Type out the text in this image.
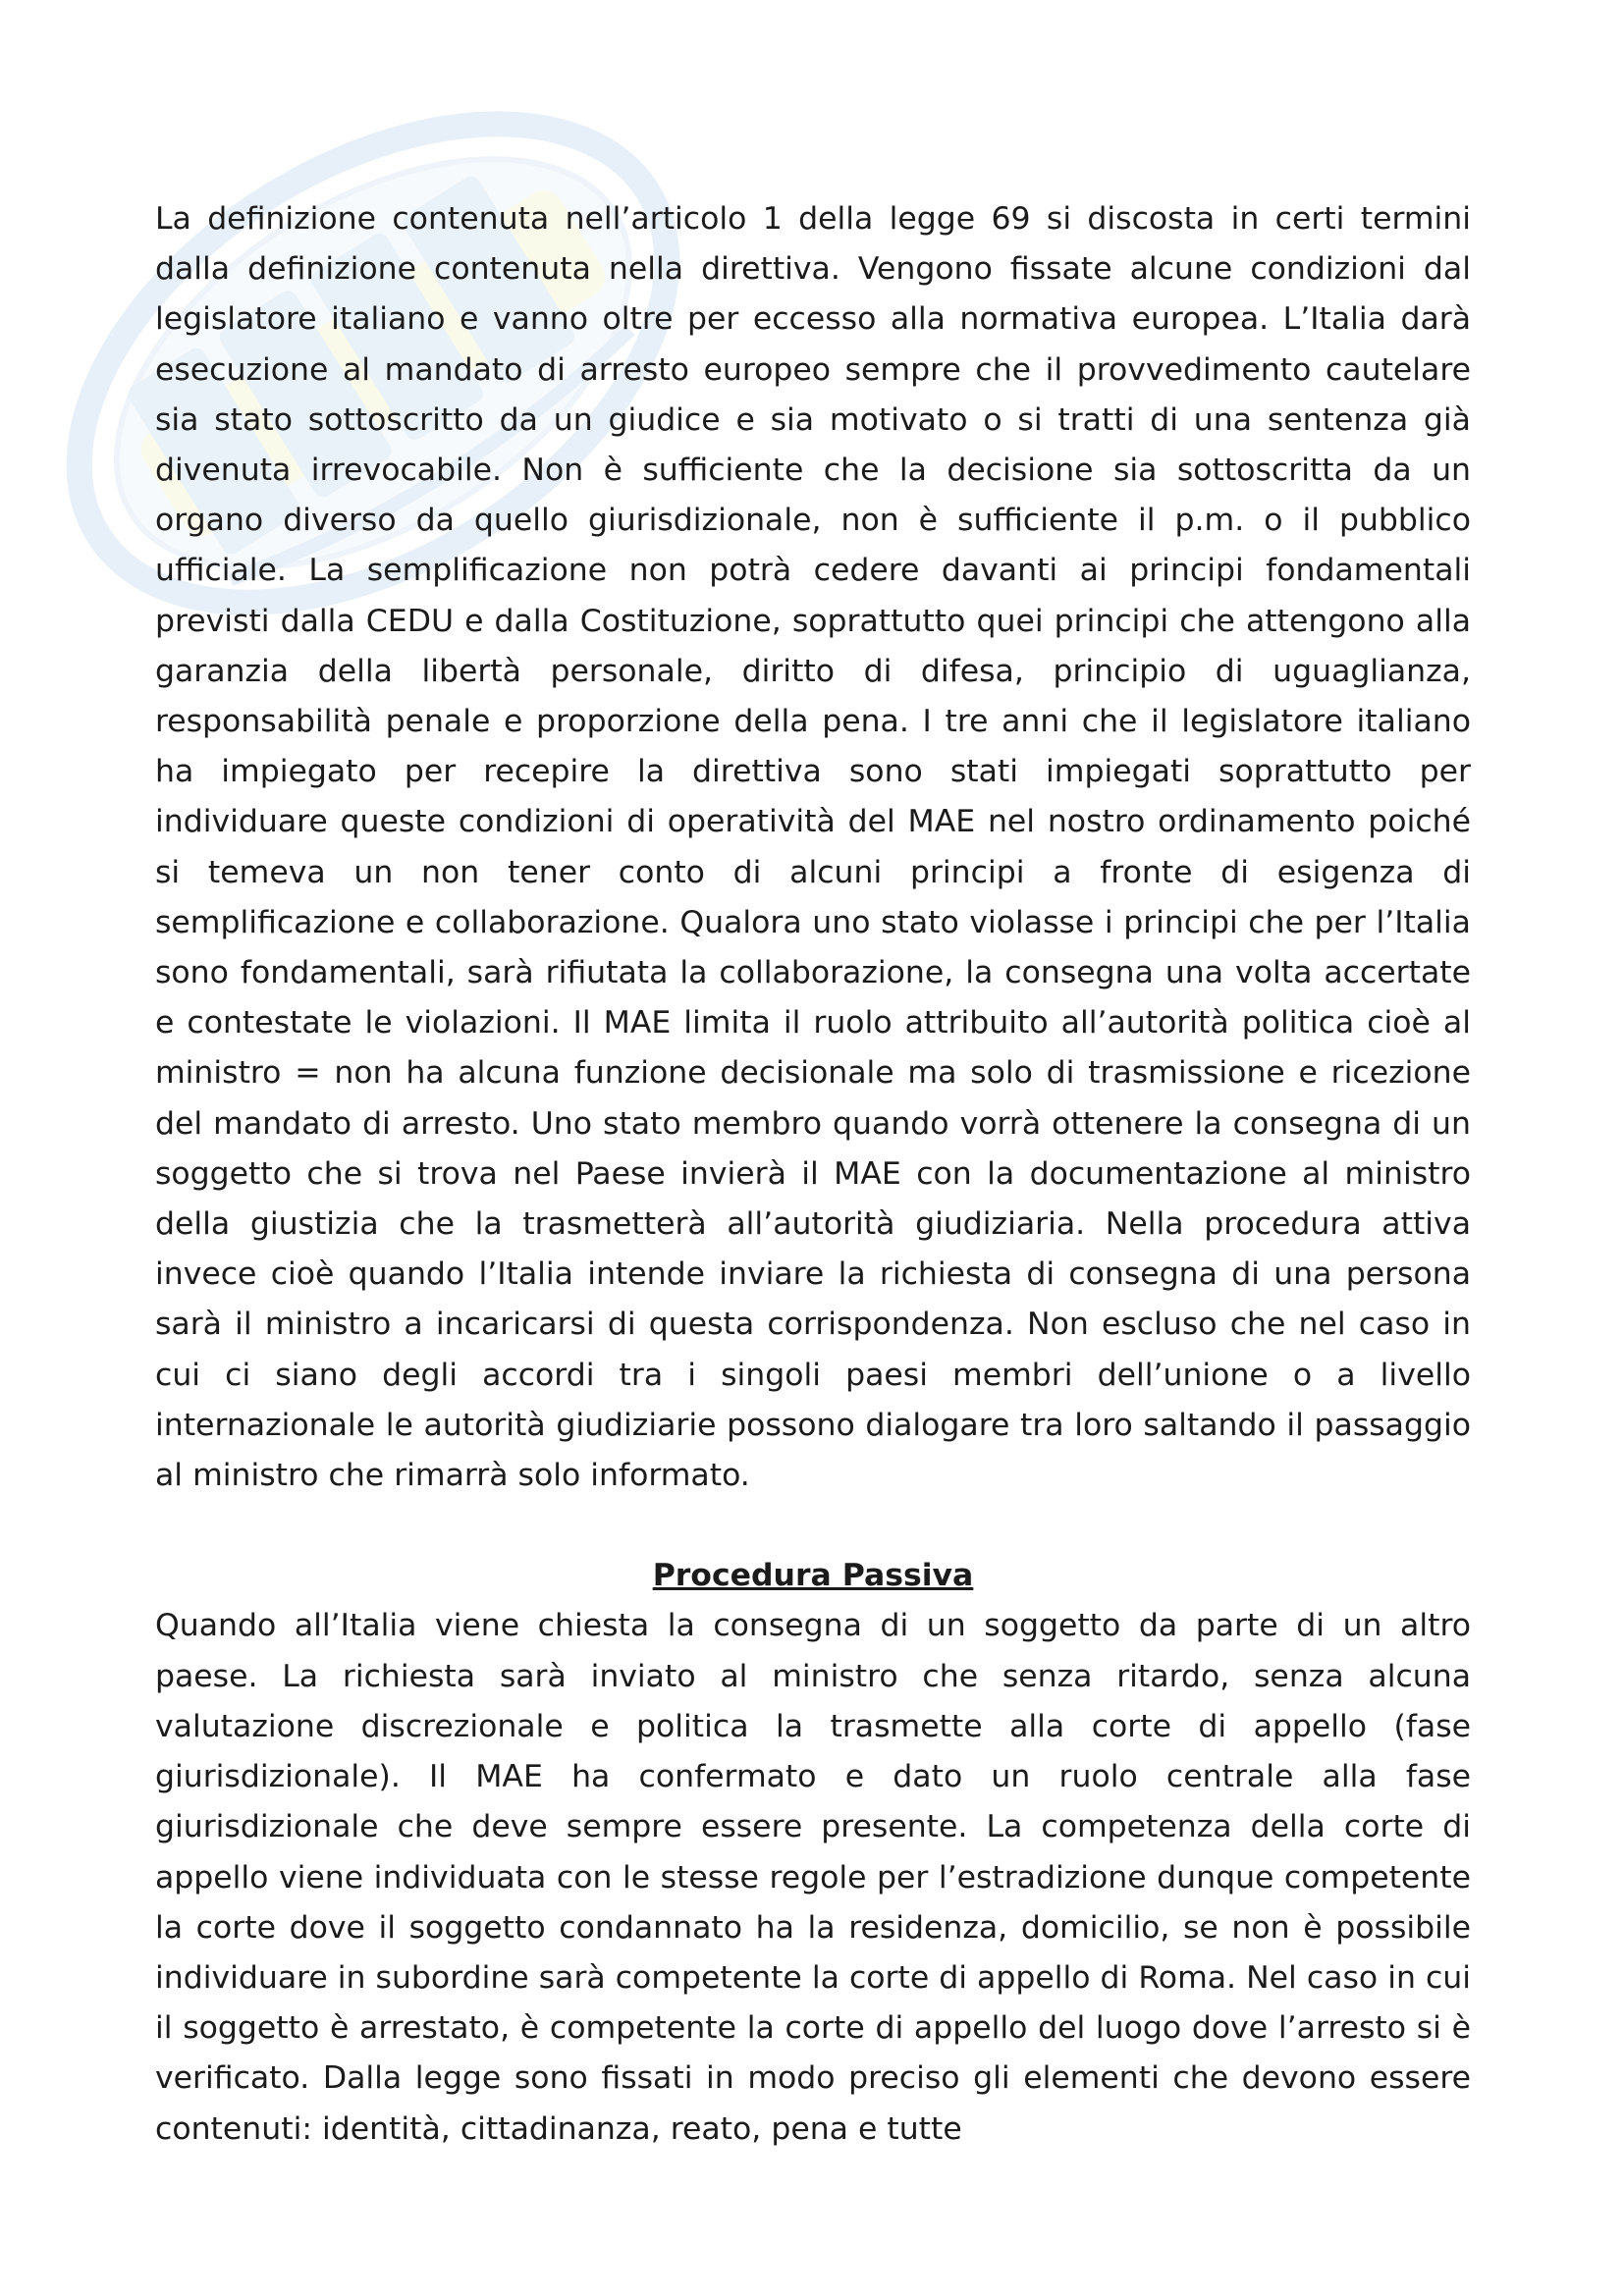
La definizione contenuta nell’articolo 1 della legge 69 si discosta in certi termini dalla definizione contenuta nella direttiva. Vengono fissate alcune condizioni dal legislatore italiano e vanno oltre per eccesso alla normativa europea. L’Italia darà esecuzione al mandato di arresto europeo sempre che il provvedimento cautelare sia stato sottoscritto da un giudice e sia motivato o si tratti di una sentenza già divenuta irrevocabile. Non è sufficiente che la decisione sia sottoscritta da un organo diverso da quello giurisdizionale, non è sufficiente il p.m. o il pubblico ufficiale. La semplificazione non potrà cedere davanti ai principi fondamentali previsti dalla CEDU e dalla Costituzione, soprattutto quei principi che attengono alla garanzia della libertà personale, diritto di difesa, principio di uguaglianza, responsabilità penale e proporzione della pena. I tre anni che il legislatore italiano ha impiegato per recepire la direttiva sono stati impiegati soprattutto per individuare queste condizioni di operatività del MAE nel nostro ordinamento poiché si temeva un non tener conto di alcuni principi a fronte di esigenza di semplificazione e collaborazione. Qualora uno stato violasse i principi che per l’Italia sono fondamentali, sarà rifiutata la collaborazione, la consegna una volta accertate e contestate le violazioni. Il MAE limita il ruolo attribuito all’autorità politica cioè al ministro = non ha alcuna funzione decisionale ma solo di trasmissione e ricezione del mandato di arresto. Uno stato membro quando vorrà ottenere la consegna di un soggetto che si trova nel Paese invierà il MAE con la documentazione al ministro della giustizia che la trasmetterà all’autorità giudiziaria. Nella procedura attiva invece cioè quando l’Italia intende inviare la richiesta di consegna di una persona sarà il ministro a incaricarsi di questa corrispondenza. Non escluso che nel caso in cui ci siano degli accordi tra i singoli paesi membri dell’unione o a livello internazionale le autorità giudiziarie possono dialogare tra loro saltando il passaggio al ministro che rimarrà solo informato.

Procedura Passiva

Quando all’Italia viene chiesta la consegna di un soggetto da parte di un altro paese. La richiesta sarà inviato al ministro che senza ritardo, senza alcuna valutazione discrezionale e politica la trasmette alla corte di appello (fase giurisdizionale). Il MAE ha confermato e dato un ruolo centrale alla fase giurisdizionale che deve sempre essere presente. La competenza della corte di appello viene individuata con le stesse regole per l’estradizione dunque competente la corte dove il soggetto condannato ha la residenza, domicilio, se non è possibile individuare in subordine sarà competente la corte di appello di Roma. Nel caso in cui il soggetto è arrestato, è competente la corte di appello del luogo dove l’arresto si è verificato. Dalla legge sono fissati in modo preciso gli elementi che devono essere contenuti: identità, cittadinanza, reato, pena e tutte
